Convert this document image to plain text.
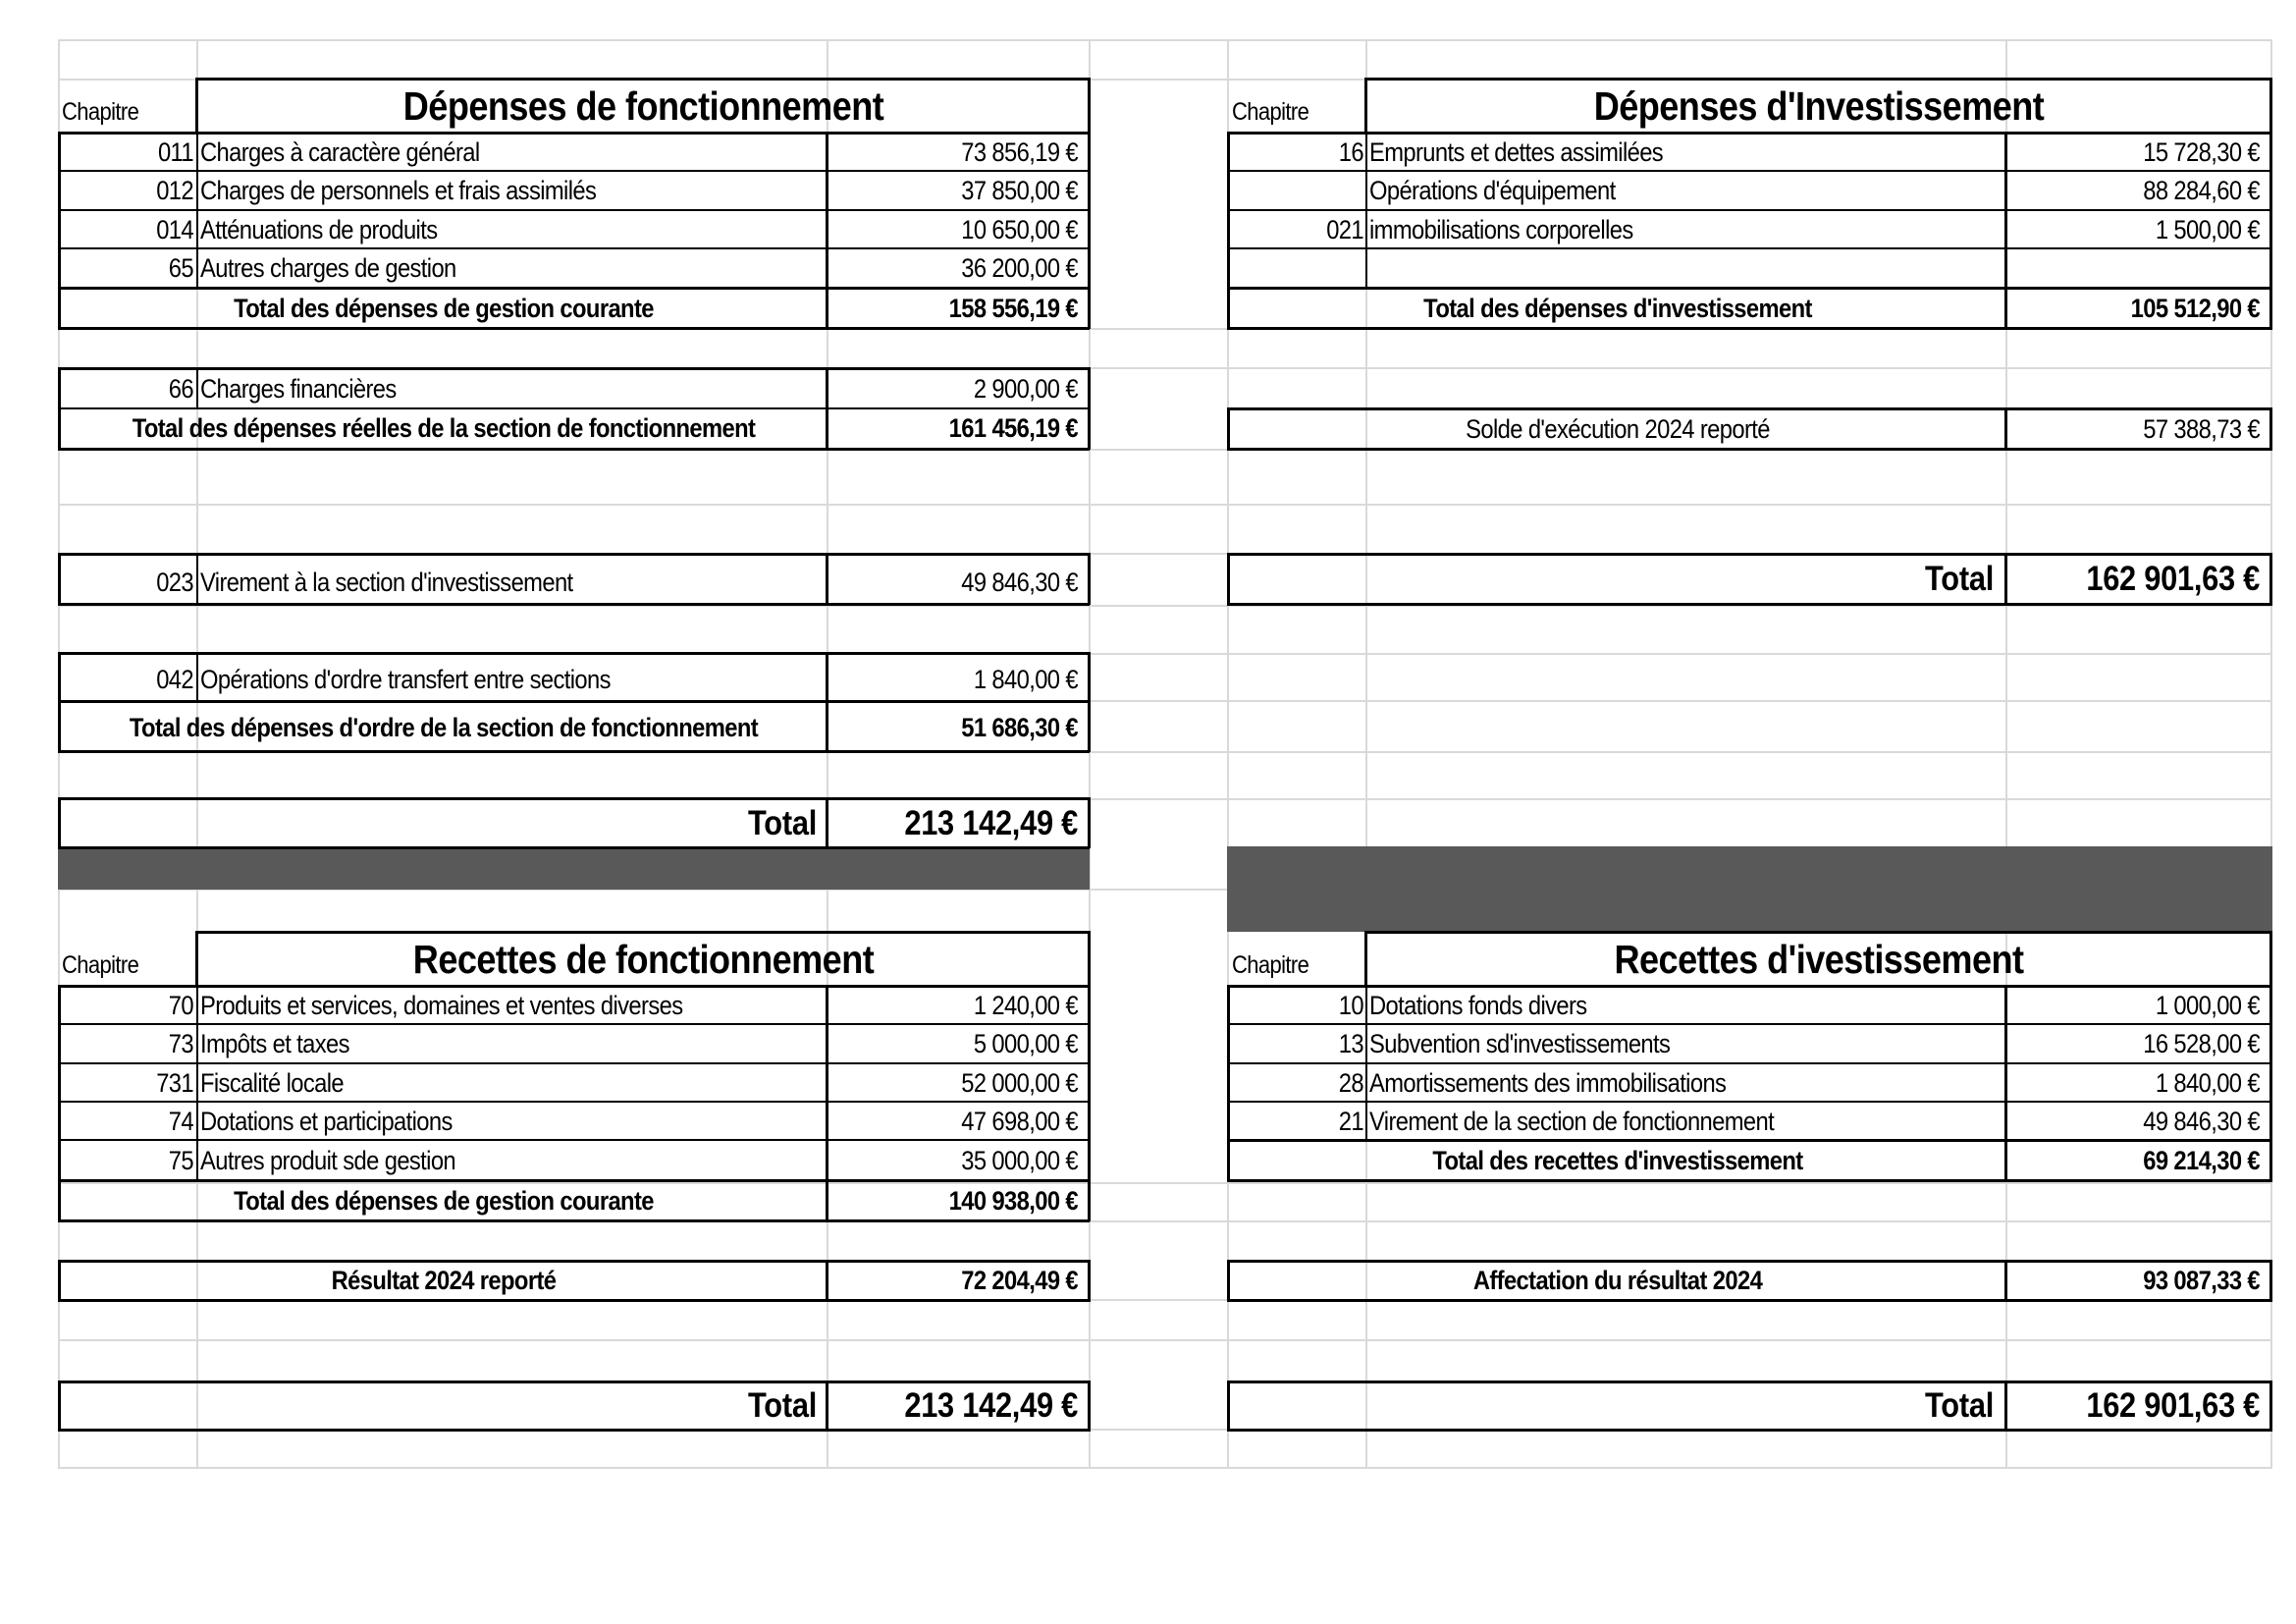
Chapitre	Dépenses de fonctionnement
011 Charges à caractère général	73 856,19 €
012 Charges de personnels et frais assimilés	37 850,00 €
014 Atténuations de produits	10 650,00 €
65 Autres charges de gestion	36 200,00 €
Total des dépenses de gestion courante	158 556,19 €
66 Charges financières	2 900,00 €
Total des dépenses réelles de la section de fonctionnement	161 456,19 €
023 Virement à la section d'investissement	49 846,30 €
042 Opérations d'ordre transfert entre sections	1 840,00 €
Total des dépenses d'ordre de la section de fonctionnement	51 686,30 €
Total	213 142,49 €
Chapitre	Dépenses d'Investissement
16 Emprunts et dettes assimilées	15 728,30 €
Opérations d'équipement	88 284,60 €
021 immobilisations corporelles	1 500,00 €
Total des dépenses d'investissement	105 512,90 €
Solde d'exécution 2024 reporté	57 388,73 €
Total	162 901,63 €
Chapitre	Recettes de fonctionnement
70 Produits et services, domaines et ventes diverses	1 240,00 €
73 Impôts et taxes	5 000,00 €
731 Fiscalité locale	52 000,00 €
74 Dotations et participations	47 698,00 €
75 Autres produit sde gestion	35 000,00 €
Total des dépenses de gestion courante	140 938,00 €
Résultat 2024 reporté	72 204,49 €
Total	213 142,49 €
Chapitre	Recettes d'ivestissement
10 Dotations fonds divers	1 000,00 €
13 Subvention sd'investissements	16 528,00 €
28 Amortissements des immobilisations	1 840,00 €
21 Virement de la section de fonctionnement	49 846,30 €
Total des recettes d'investissement	69 214,30 €
Affectation du résultat 2024	93 087,33 €
Total	162 901,63 €
